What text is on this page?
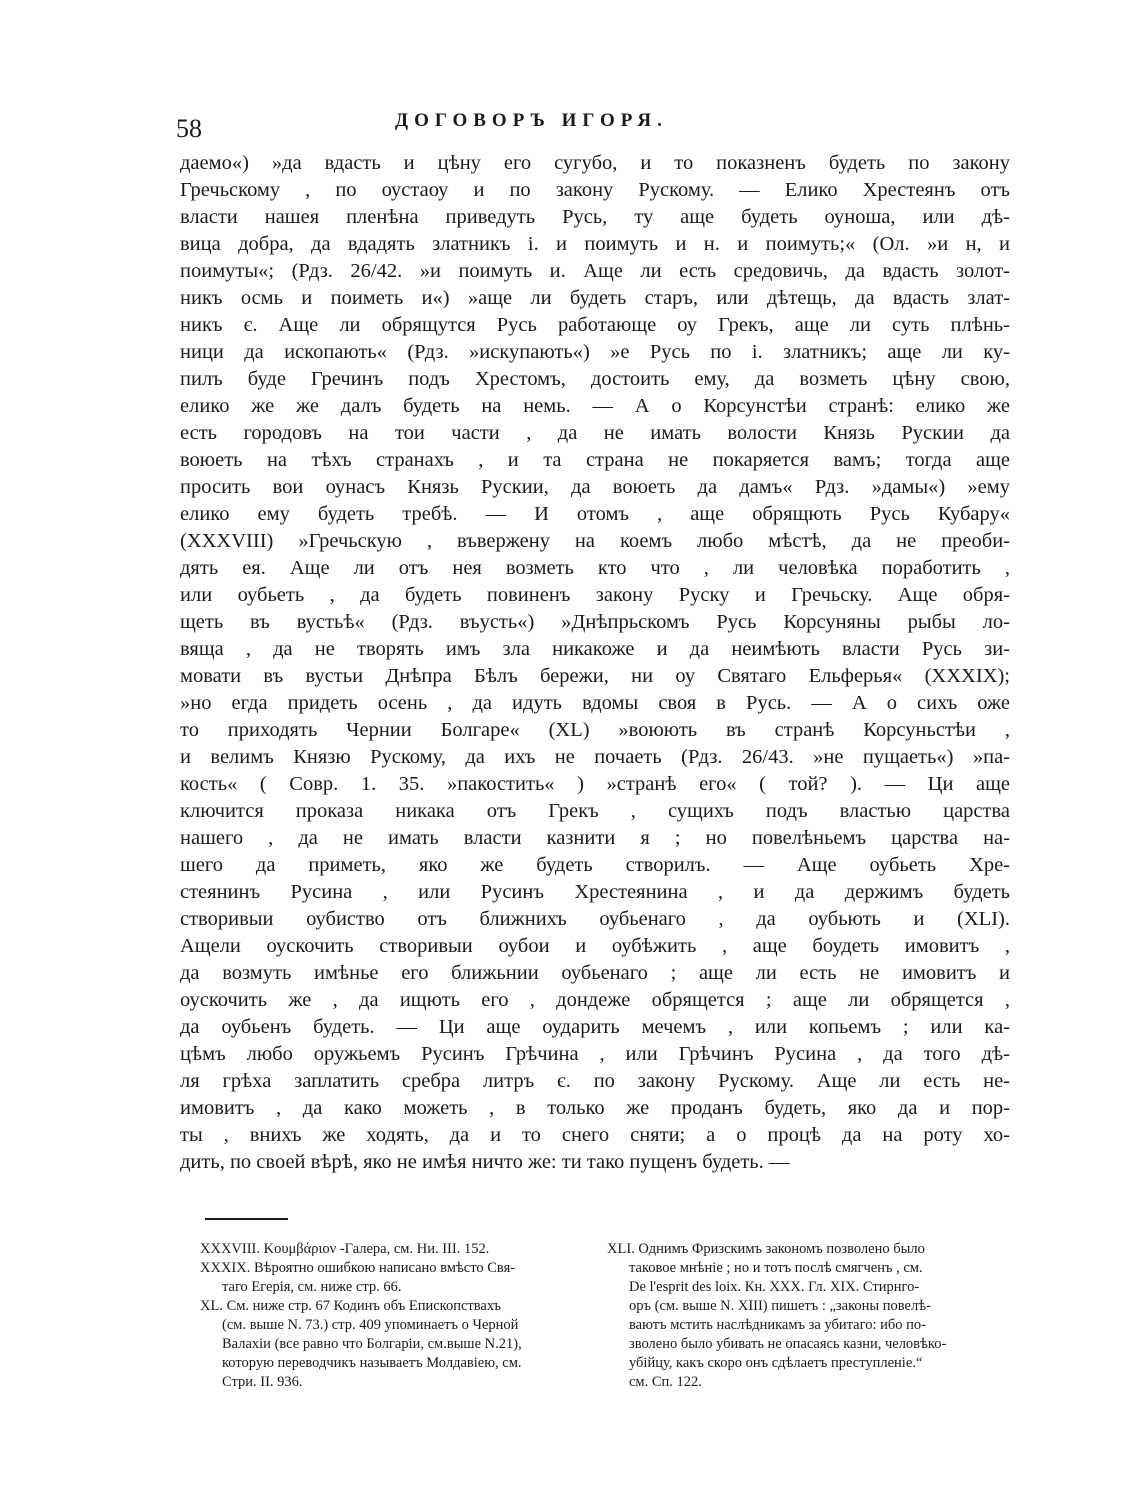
58	ДОГОВОРЪ ИГОРЯ.
даемо«) »да вдасть и цѣну его сугубо, и то показненъ будеть по закону
Гречьскому , по оустаоу и по закону Рускому. — Елико Хрестеянъ отъ
власти нашея пленѣна приведуть Русь, ту аще будеть оуноша, или дѣ-
вица добра, да вдадять златникъ і. и поимуть и н. и поимуть;« (Ол. »и н, и
поимуты«; (Рдз. 26/42. »и поимуть и. Аще ли есть средовичь, да вдасть золот-
никъ осмь и поиметь и«) »аще ли будеть старъ, или дѣтещь, да вдасть злат-
никъ є. Аще ли обрящутся Русь работающе оу Грекъ, аще ли суть плѣнь-
ници да ископають« (Рдз. »искупають«) »е Русь по і. златникъ; аще ли ку-
пилъ буде Гречинъ подъ Хрестомъ, достоить ему, да возметь цѣну свою,
елико же же далъ будеть на немь. — А о Корсунстѣи странѣ: елико же
есть городовъ на тои части , да не имать волости Князь Рускии да
воюеть на тѣхъ странахъ , и та страна не покаряется вамъ; тогда аще
просить вои оунасъ Князь Рускии, да воюеть да дамъ« Рдз. »дамы«) »ему
елико ему будеть требѣ. — И отомъ , аще обрящють Русь Кубару«
(XXXVIII) »Гречьскую , въвержену на коемъ любо мѣстѣ, да не преоби-
дять ея. Аще ли отъ нея возметь кто что , ли человѣка поработить ,
или оубьеть , да будеть повиненъ закону Руску и Гречьску. Аще обря-
щеть въ вустьѣ« (Рдз. въусть«) »Днѣпрьскомъ Русь Корсуняны рыбы ло-
вяща , да не творять имъ зла никакоже и да неимѣють власти Русь зи-
мовати въ вустьи Днѣпра Бѣлъ бережи, ни оу Святаго Ельферья« (XXXIX);
»но егда придеть осень , да идуть вдомы своя в Русь. — А о сихъ оже
то приходять Чернии Болгаре« (XL) »воюють въ странѣ Корсуньстѣи ,
и велимъ Князю Рускому, да ихъ не почаеть (Рдз. 26/43. »не пущаеть«) »па-
кость« ( Совр. 1. 35. »пакостить« ) »странѣ его« ( той? ). — Ци аще
ключится проказа никака отъ Грекъ , сущихъ подъ властью царства
нашего , да не имать власти казнити я ; но повелѣньемъ царства на-
шего да приметь, яко же будеть створилъ. — Аще оубьеть Хре-
стеянинъ Русина , или Русинъ Хрестеянина , и да держимъ будеть
створивыи оубиство отъ ближнихъ оубьенаго , да оубьють и (XLI).
Ащели оускочить створивыи оубои и оубѣжить , аще боудеть имовитъ ,
да возмуть имѣнье его ближьнии оубьенаго ; аще ли есть не имовитъ и
оускочить же , да ищють его , дондеже обрящется ; аще ли обрящется ,
да оубьенъ будеть. — Ци аще оударить мечемъ , или копьемъ ; или ка-
цѣмъ любо оружьемъ Русинъ Грѣчина , или Грѣчинъ Русина , да того дѣ-
ля грѣха заплатить сребра литръ є. по закону Рускому. Аще ли есть не-
имовитъ , да како можеть , в только же проданъ будеть, яко да и пор-
ты , внихъ же ходять, да и то снего сняти; а о процѣ да на роту хо-
дить, по своей вѣрѣ, яко не имѣя ничто же: ти тако пущенъ будеть. —
XXXVIII. Κουμβάριον -Галера, см. Ни. III. 152.
XXXIX. Вѣроятно ошибкою написано вмѣсто Свя-
таго Егерія, см. ниже стр. 66.
XL. См. ниже стр. 67 Кодинъ объ Епископствахъ
(см. выше N. 73.) стр. 409 упоминаетъ о Черной
Валахіи (все равно что Болгаріи, см.выше N.21),
которую переводчикъ называетъ Молдавіею, см.
Стри. II. 936.
XLI. Однимъ Фризскимъ закономъ позволено было
таковое мнѣніе ; но и тотъ послѣ смягченъ , см.
De l'esprit des loix. Кн. XXX. Гл. XIX. Стирнго-
оръ (см. выше N. XIII) пишетъ : „законы повелѣ-
ваютъ мстить наслѣдникамъ за убитаго: ибо по-
зволено было убивать не опасаясь казни, человѣко-
убійцу, какъ скоро онъ сдѣлаетъ преступленіе.“
см. Сп. 122.
